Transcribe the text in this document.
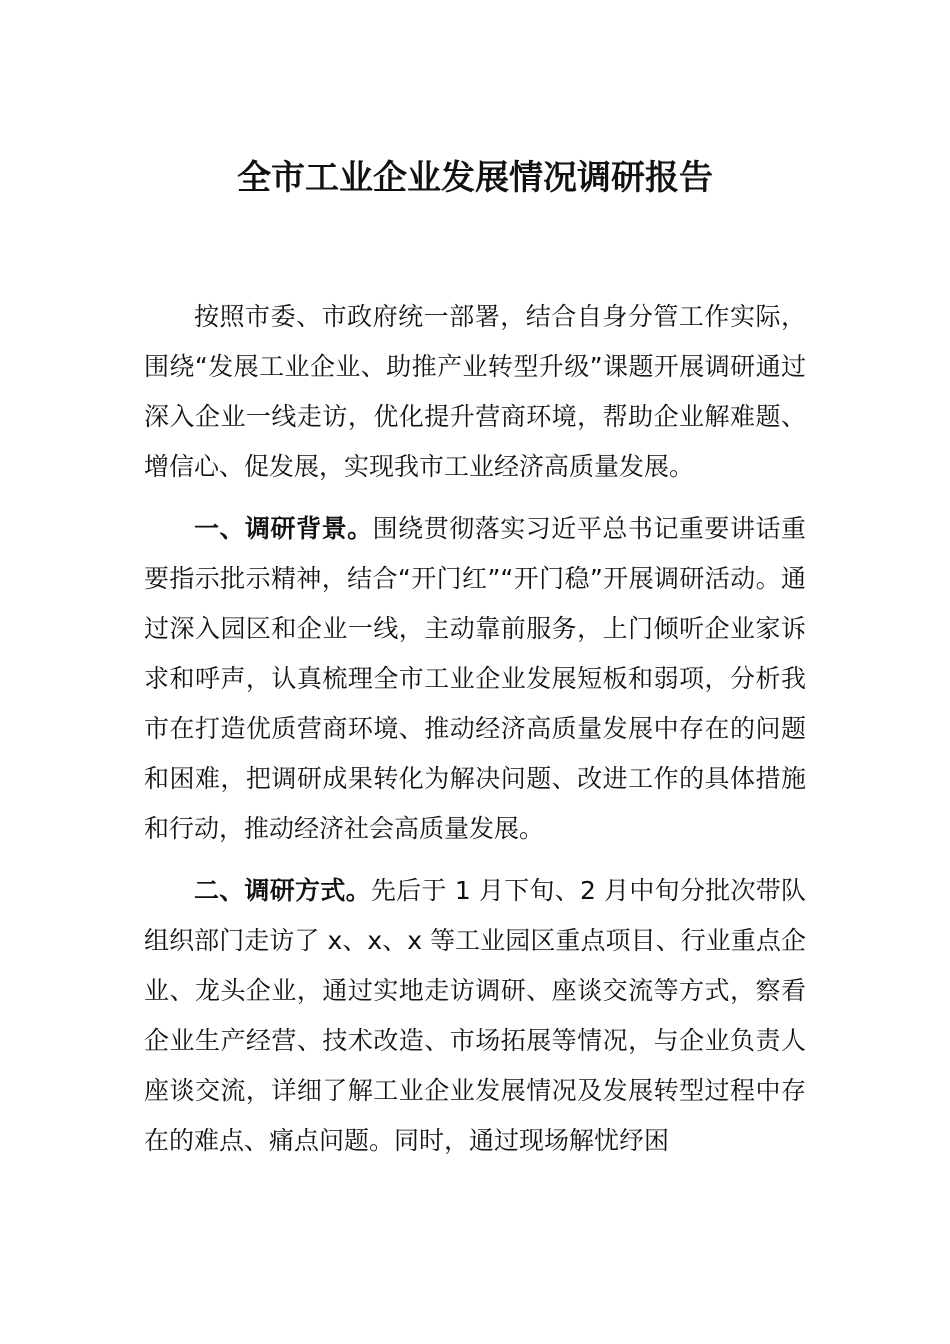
全市工业企业发展情况调研报告

按照市委、市政府统一部署，结合自身分管工作实际，围绕“发展工业企业、助推产业转型升级”课题开展调研通过深入企业一线走访，优化提升营商环境，帮助企业解难题、增信心、促发展，实现我市工业经济高质量发展。

一、调研背景。围绕贯彻落实习近平总书记重要讲话重要指示批示精神，结合“开门红”“开门稳”开展调研活动。通过深入园区和企业一线，主动靠前服务，上门倾听企业家诉求和呼声，认真梳理全市工业企业发展短板和弱项，分析我市在打造优质营商环境、推动经济高质量发展中存在的问题和困难，把调研成果转化为解决问题、改进工作的具体措施和行动，推动经济社会高质量发展。

二、调研方式。先后于 1 月下旬、2 月中旬分批次带队组织部门走访了 x、x、x 等工业园区重点项目、行业重点企业、龙头企业，通过实地走访调研、座谈交流等方式，察看企业生产经营、技术改造、市场拓展等情况，与企业负责人座谈交流，详细了解工业企业发展情况及发展转型过程中存在的难点、痛点问题。同时，通过现场解忧纾困
